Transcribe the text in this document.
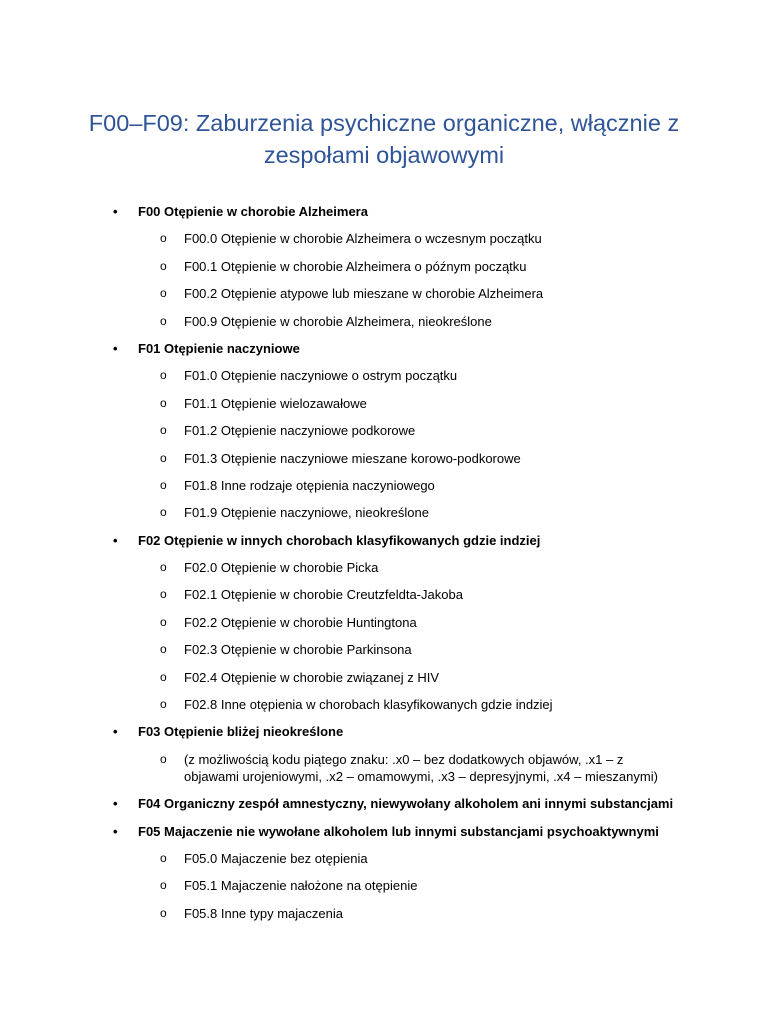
F00–F09: Zaburzenia psychiczne organiczne, włącznie z zespołami objawowymi
• F00 Otępienie w chorobie Alzheimera
o F00.0 Otępienie w chorobie Alzheimera o wczesnym początku
o F00.1 Otępienie w chorobie Alzheimera o późnym początku
o F00.2 Otępienie atypowe lub mieszane w chorobie Alzheimera
o F00.9 Otępienie w chorobie Alzheimera, nieokreślone
• F01 Otępienie naczyniowe
o F01.0 Otępienie naczyniowe o ostrym początku
o F01.1 Otępienie wielozawałowe
o F01.2 Otępienie naczyniowe podkorowe
o F01.3 Otępienie naczyniowe mieszane korowo-podkorowe
o F01.8 Inne rodzaje otępienia naczyniowego
o F01.9 Otępienie naczyniowe, nieokreślone
• F02 Otępienie w innych chorobach klasyfikowanych gdzie indziej
o F02.0 Otępienie w chorobie Picka
o F02.1 Otępienie w chorobie Creutzfeldta-Jakoba
o F02.2 Otępienie w chorobie Huntingtona
o F02.3 Otępienie w chorobie Parkinsona
o F02.4 Otępienie w chorobie związanej z HIV
o F02.8 Inne otępienia w chorobach klasyfikowanych gdzie indziej
• F03 Otępienie bliżej nieokreślone
o (z możliwością kodu piątego znaku: .x0 – bez dodatkowych objawów, .x1 – z objawami urojeniowymi, .x2 – omamowymi, .x3 – depresyjnymi, .x4 – mieszanymi)
• F04 Organiczny zespół amnestyczny, niewywołany alkoholem ani innymi substancjami
• F05 Majaczenie nie wywołane alkoholem lub innymi substancjami psychoaktywnymi
o F05.0 Majaczenie bez otępienia
o F05.1 Majaczenie nałożone na otępienie
o F05.8 Inne typy majaczenia
